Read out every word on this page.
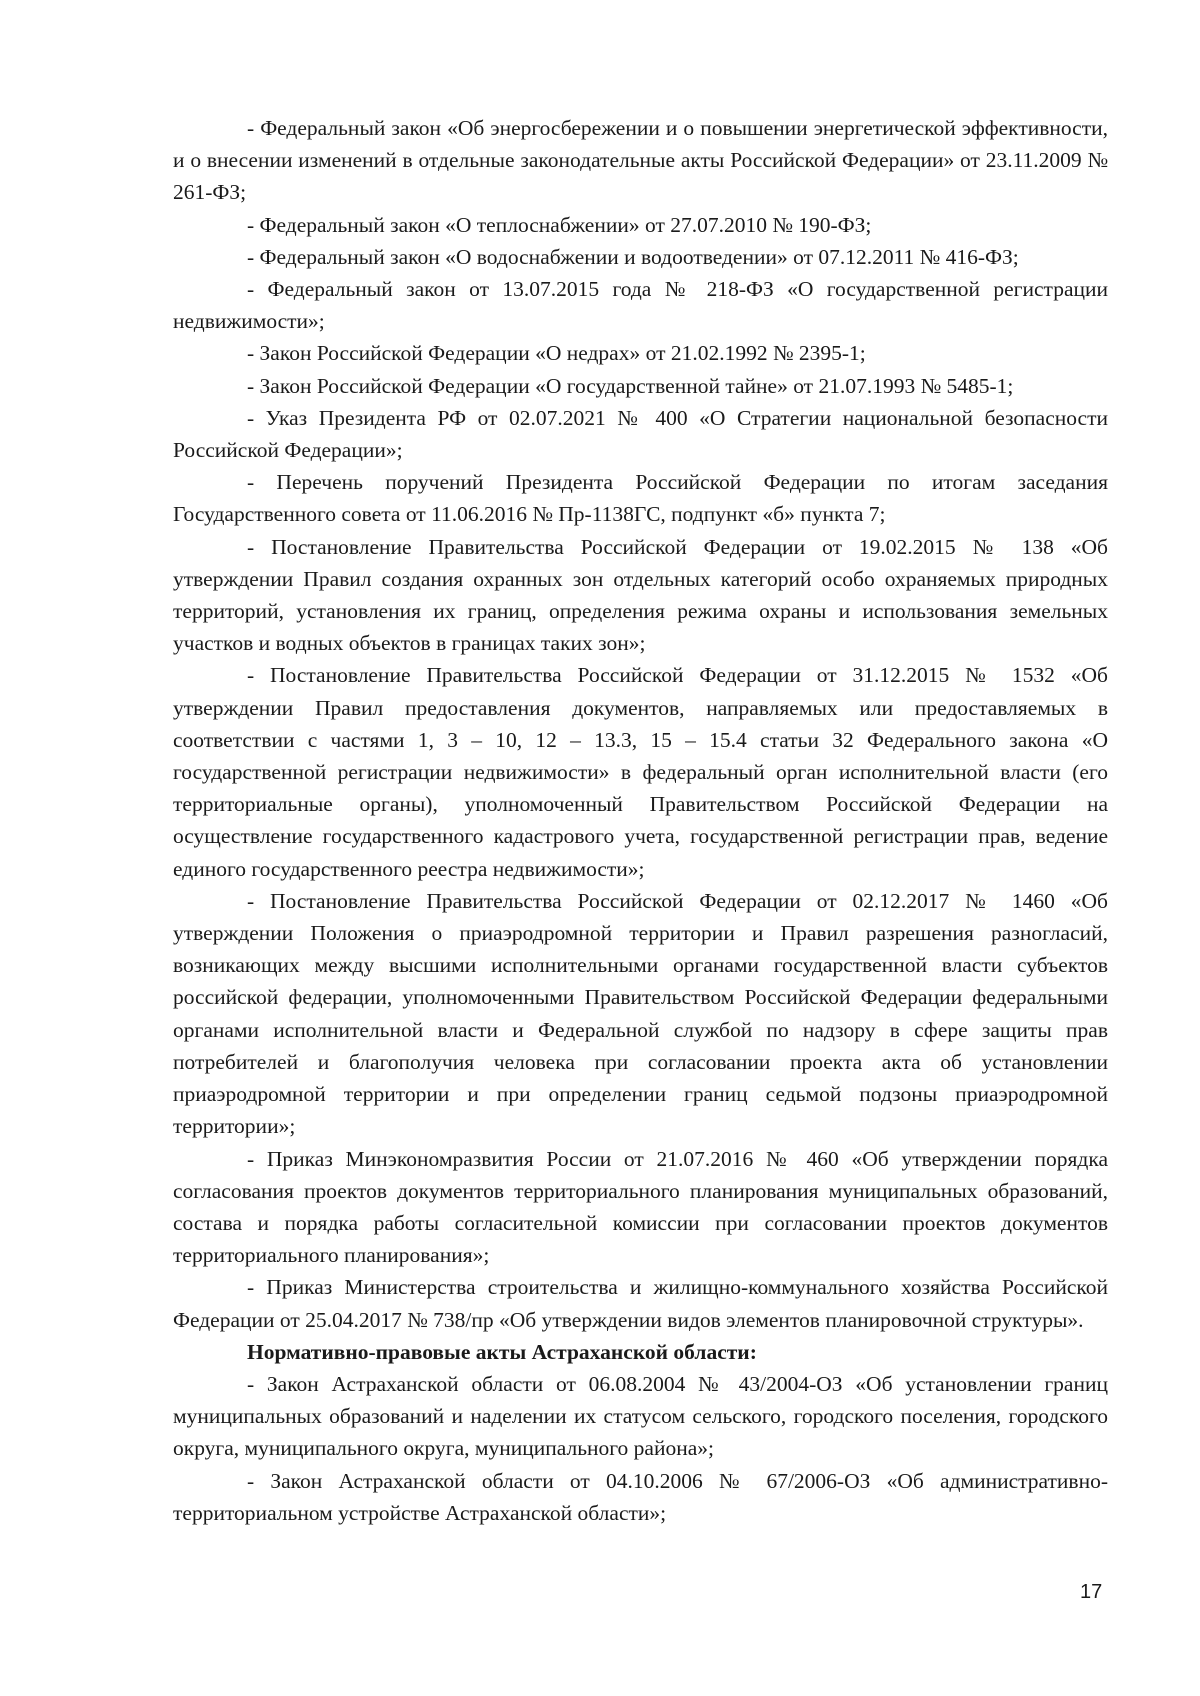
- Федеральный закон «Об энергосбережении и о повышении энергетической эффективности, и о внесении изменений в отдельные законодательные акты Российской Федерации» от 23.11.2009 № 261-ФЗ;

- Федеральный закон «О теплоснабжении» от 27.07.2010 № 190-ФЗ;

- Федеральный закон «О водоснабжении и водоотведении» от 07.12.2011 № 416-ФЗ;

- Федеральный закон от 13.07.2015 года № 218-ФЗ «О государственной регистрации недвижимости»;

- Закон Российской Федерации «О недрах» от 21.02.1992 № 2395-1;

- Закон Российской Федерации «О государственной тайне» от 21.07.1993 № 5485-1;

- Указ Президента РФ от 02.07.2021 № 400 «О Стратегии национальной безопасности Российской Федерации»;

- Перечень поручений Президента Российской Федерации по итогам заседания Государственного совета от 11.06.2016 № Пр-1138ГС, подпункт «б» пункта 7;

- Постановление Правительства Российской Федерации от 19.02.2015 № 138 «Об утверждении Правил создания охранных зон отдельных категорий особо охраняемых природных территорий, установления их границ, определения режима охраны и использования земельных участков и водных объектов в границах таких зон»;

- Постановление Правительства Российской Федерации от 31.12.2015 № 1532 «Об утверждении Правил предоставления документов, направляемых или предоставляемых в соответствии с частями 1, 3 – 10, 12 – 13.3, 15 – 15.4 статьи 32 Федерального закона «О государственной регистрации недвижимости» в федеральный орган исполнительной власти (его территориальные органы), уполномоченный Правительством Российской Федерации на осуществление государственного кадастрового учета, государственной регистрации прав, ведение единого государственного реестра недвижимости»;

- Постановление Правительства Российской Федерации от 02.12.2017 № 1460 «Об утверждении Положения о приаэродромной территории и Правил разрешения разногласий, возникающих между высшими исполнительными органами государственной власти субъектов российской федерации, уполномоченными Правительством Российской Федерации федеральными органами исполнительной власти и Федеральной службой по надзору в сфере защиты прав потребителей и благополучия человека при согласовании проекта акта об установлении приаэродромной территории и при определении границ седьмой подзоны приаэродромной территории»;

- Приказ Минэкономразвития России от 21.07.2016 № 460 «Об утверждении порядка согласования проектов документов территориального планирования муниципальных образований, состава и порядка работы согласительной комиссии при согласовании проектов документов территориального планирования»;

- Приказ Министерства строительства и жилищно-коммунального хозяйства Российской Федерации от 25.04.2017 № 738/пр «Об утверждении видов элементов планировочной структуры».

Нормативно-правовые акты Астраханской области:

- Закон Астраханской области от 06.08.2004 № 43/2004-ОЗ «Об установлении границ муниципальных образований и наделении их статусом сельского, городского поселения, городского округа, муниципального округа, муниципального района»;

- Закон Астраханской области от 04.10.2006 № 67/2006-ОЗ «Об административно-территориальном устройстве Астраханской области»;

17
